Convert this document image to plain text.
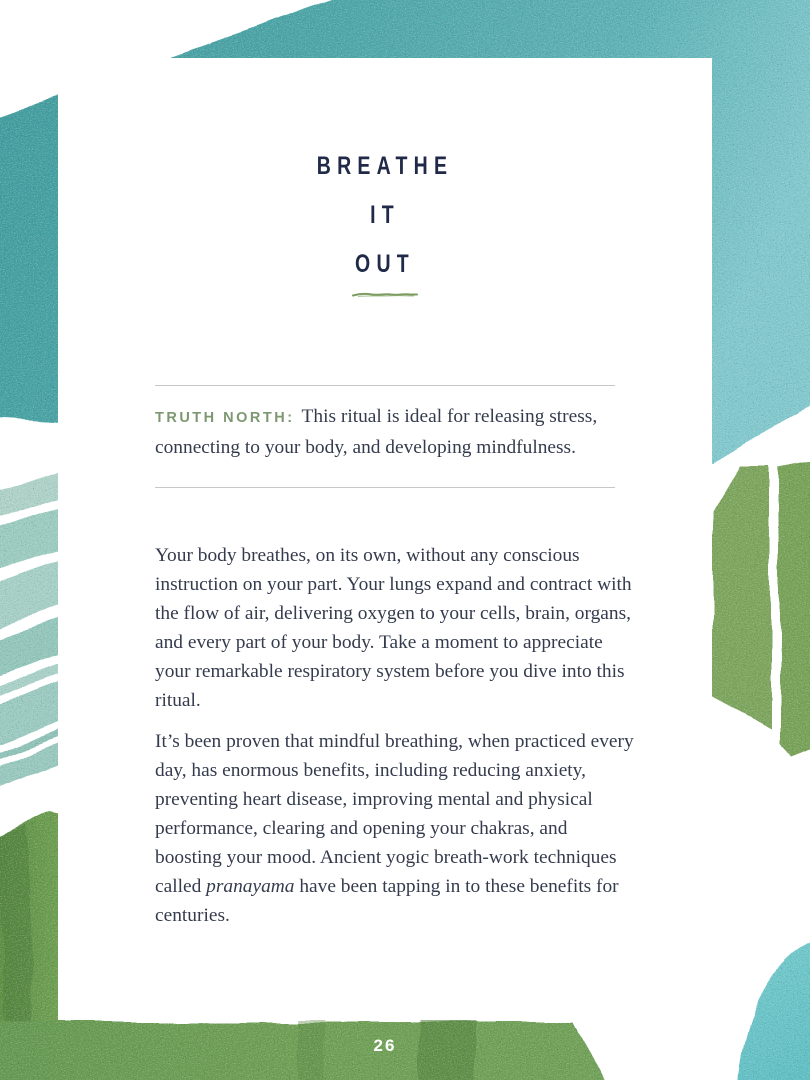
BREATHE
IT
OUT

TRUTH NORTH: This ritual is ideal for releasing stress, connecting to your body, and developing mindfulness.

Your body breathes, on its own, without any conscious instruction on your part. Your lungs expand and contract with the flow of air, delivering oxygen to your cells, brain, organs, and every part of your body. Take a moment to appreciate your remarkable respiratory system before you dive into this ritual.

It’s been proven that mindful breathing, when practiced every day, has enormous benefits, including reducing anxiety, preventing heart disease, improving mental and physical performance, clearing and opening your chakras, and boosting your mood. Ancient yogic breath-work techniques called pranayama have been tapping in to these benefits for centuries.

26
